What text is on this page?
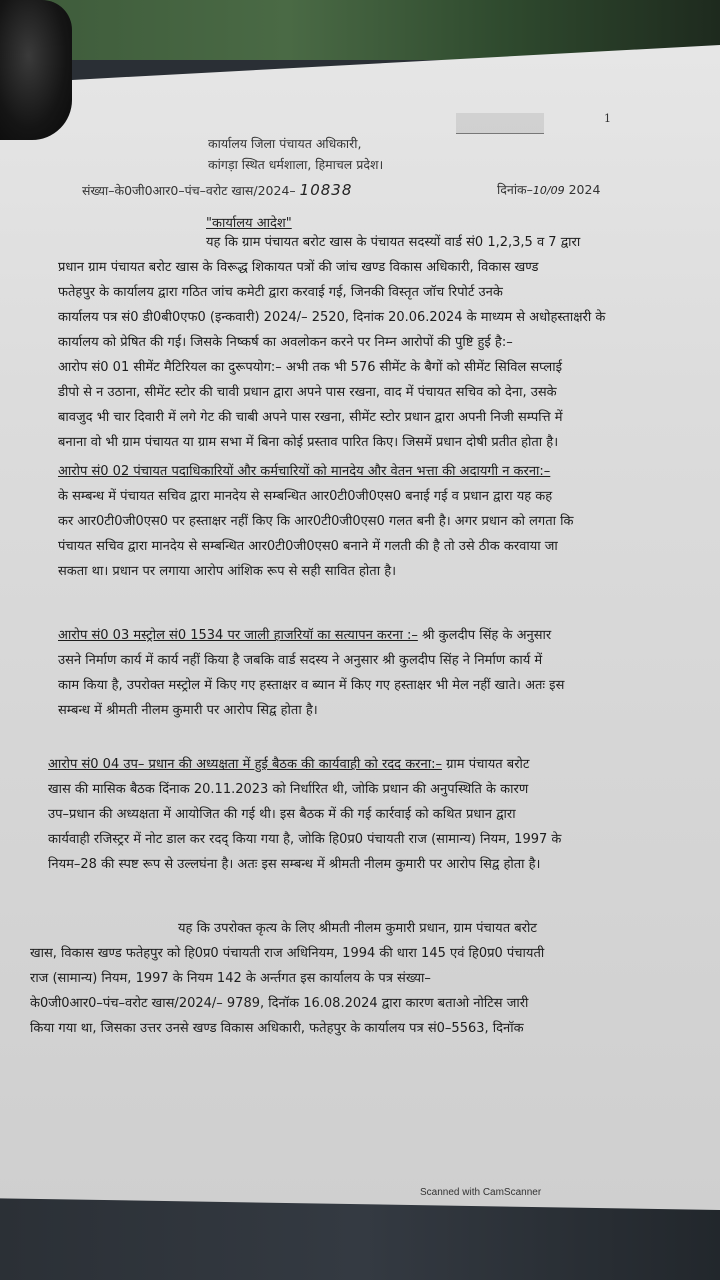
1
कार्यालय जिला पंचायत अधिकारी,
कांगड़ा स्थित धर्मशाला, हिमाचल प्रदेश।
संख्या–के0जी0आर0–पंच–वरोट खास/2024– 10838	दिनांक–10/09 2024
"कार्यालय आदेश"
यह कि ग्राम पंचायत बरोट खास के पंचायत सदस्यों वार्ड सं0 1,2,3,5 व 7 द्वारा
प्रधान ग्राम पंचायत बरोट खास के विरूद्ध शिकायत पत्रों की जांच खण्ड विकास अधिकारी, विकास खण्ड
फतेहपुर के कार्यालय द्वारा गठित जांच कमेटी द्वारा करवाई गई, जिनकी विस्तृत जॉच रिपोर्ट उनके
कार्यालय पत्र सं0 डी0बी0एफ0 (इन्कवारी) 2024/– 2520, दिनांक 20.06.2024 के माध्यम से अधोहस्ताक्षरी के
कार्यालय को प्रेषित की गई। जिसके निष्कर्ष का अवलोकन करने पर निम्न आरोपों की पुष्टि हुई है:–
आरोप सं0 01 सीमेंट मैटिरियल का दुरूपयोग:– अभी तक भी 576 सीमेंट के बैगों को सीमेंट सिविल सप्लाई
डीपो से न उठाना, सीमेंट स्टोर की चावी प्रधान द्वारा अपने पास रखना, वाद में पंचायत सचिव को देना, उसके
बावजुद भी चार दिवारी में लगे गेट की चाबी अपने पास रखना, सीमेंट स्टोर प्रधान द्वारा अपनी निजी सम्पत्ति में
बनाना वो भी ग्राम पंचायत या ग्राम सभा में बिना कोई प्रस्ताव पारित किए। जिसमें प्रधान दोषी प्रतीत होता है।
आरोप सं0 02 पंचायत पदाधिकारियों और कर्मचारियों को मानदेय और वेतन भत्ता की अदायगी न करना:–
के सम्बन्ध में पंचायत सचिव द्वारा मानदेय से सम्बन्धित आर0टी0जी0एस0 बनाई गई व प्रधान द्वारा यह कह
कर आर0टी0जी0एस0 पर हस्ताक्षर नहीं किए कि आर0टी0जी0एस0 गलत बनी है। अगर प्रधान को लगता कि
पंचायत सचिव द्वारा मानदेय से सम्बन्धित आर0टी0जी0एस0 बनाने में गलती की है तो उसे ठीक करवाया जा
सकता था। प्रधान पर लगाया आरोप आंशिक रूप से सही सावित होता है।
आरोप सं0 03 मस्ट्रोल सं0 1534 पर जाली हाजरियॉ का सत्यापन करना :– श्री कुलदीप सिंह के अनुसार
उसने निर्माण कार्य में कार्य नहीं किया है जबकि वार्ड सदस्य ने अनुसार श्री कुलदीप सिंह ने निर्माण कार्य में
काम किया है, उपरोक्त मस्ट्रोल में किए गए हस्ताक्षर व ब्यान में किए गए हस्ताक्षर भी मेल नहीं खाते। अतः इस
सम्बन्ध में श्रीमती नीलम कुमारी पर आरोप सिद्व होता है।
आरोप सं0 04 उप– प्रधान की अध्यक्षता में हुई बैठक की कार्यवाही को रदद करना:– ग्राम पंचायत बरोट
खास की मासिक बैठक दिंनाक 20.11.2023 को निर्धारित थी, जोकि प्रधान की अनुपस्थिति के कारण
उप–प्रधान की अध्यक्षता में आयोजित की गई थी। इस बैठक में की गई कार्रवाई को कथित प्रधान द्वारा
कार्यवाही रजिस्ट्रर में नोट डाल कर रदद् किया गया है, जोकि हि0प्र0 पंचायती राज (सामान्य) नियम, 1997 के
नियम–28 की स्पष्ट रूप से उल्लघंना है। अतः इस सम्बन्ध में श्रीमती नीलम कुमारी पर आरोप सिद्व होता है।
यह कि उपरोक्त कृत्य के लिए श्रीमती नीलम कुमारी प्रधान, ग्राम पंचायत बरोट
खास, विकास खण्ड फतेहपुर को हि0प्र0 पंचायती राज अधिनियम, 1994 की धारा 145 एवं हि0प्र0 पंचायती
राज (सामान्य) नियम, 1997 के नियम 142 के अर्न्तगत इस कार्यालय के पत्र संख्या–
के0जी0आर0–पंच–वरोट खास/2024/– 9789, दिनॉक 16.08.2024 द्वारा कारण बताओ नोटिस जारी
किया गया था, जिसका उत्तर उनसे खण्ड विकास अधिकारी, फतेहपुर के कार्यालय पत्र सं0–5563, दिनॉक
Scanned with CamScanner
